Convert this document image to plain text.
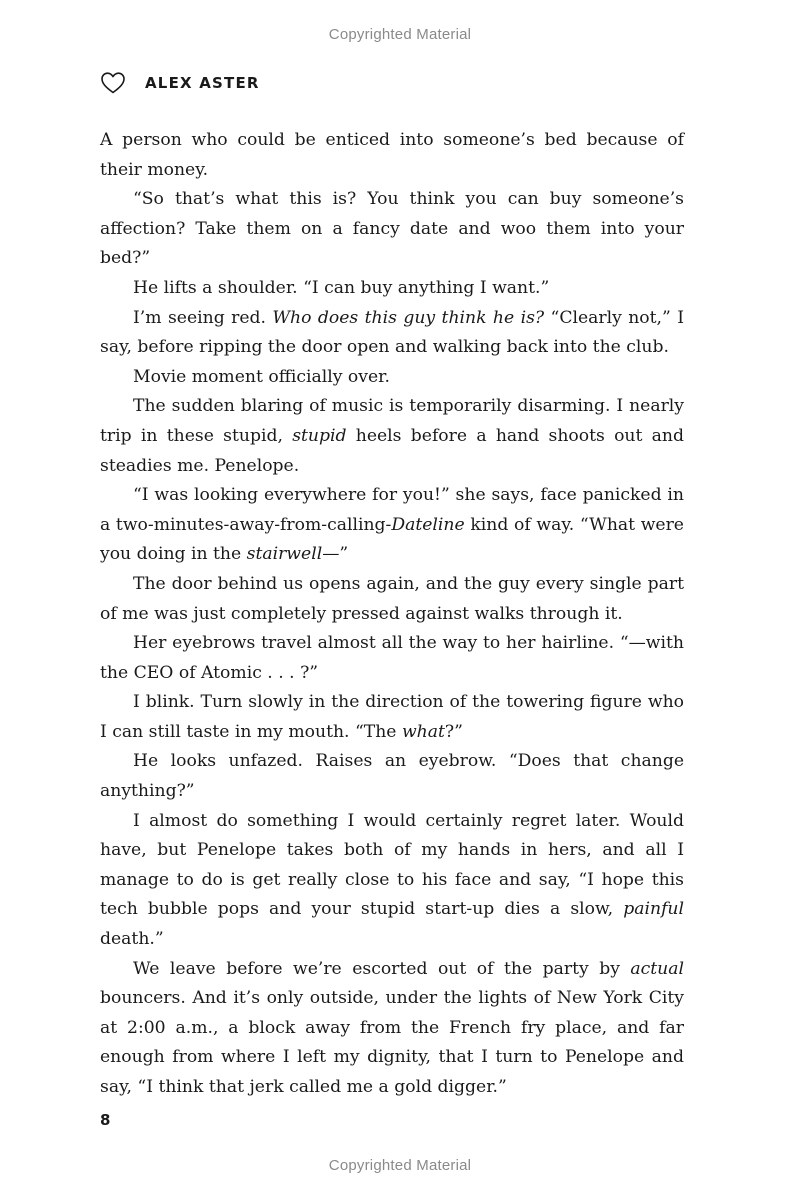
Copyrighted Material
ALEX ASTER

A person who could be enticed into someone’s bed because of their money.

“So that’s what this is? You think you can buy someone’s affection? Take them on a fancy date and woo them into your bed?”

He lifts a shoulder. “I can buy anything I want.”

I’m seeing red. Who does this guy think he is? “Clearly not,” I say, before ripping the door open and walking back into the club.

Movie moment officially over.

The sudden blaring of music is temporarily disarming. I nearly trip in these stupid, stupid heels before a hand shoots out and steadies me. Penelope.

“I was looking everywhere for you!” she says, face panicked in a two-minutes-away-from-calling-Dateline kind of way. “What were you doing in the stairwell—”

The door behind us opens again, and the guy every single part of me was just completely pressed against walks through it.

Her eyebrows travel almost all the way to her hairline. “—with the CEO of Atomic . . . ?”

I blink. Turn slowly in the direction of the towering figure who I can still taste in my mouth. “The what?”

He looks unfazed. Raises an eyebrow. “Does that change anything?”

I almost do something I would certainly regret later. Would have, but Penelope takes both of my hands in hers, and all I manage to do is get really close to his face and say, “I hope this tech bubble pops and your stupid start-up dies a slow, painful death.”

We leave before we’re escorted out of the party by actual bouncers. And it’s only outside, under the lights of New York City at 2:00 a.m., a block away from the French fry place, and far enough from where I left my dignity, that I turn to Penelope and say, “I think that jerk called me a gold digger.”

8
Copyrighted Material
